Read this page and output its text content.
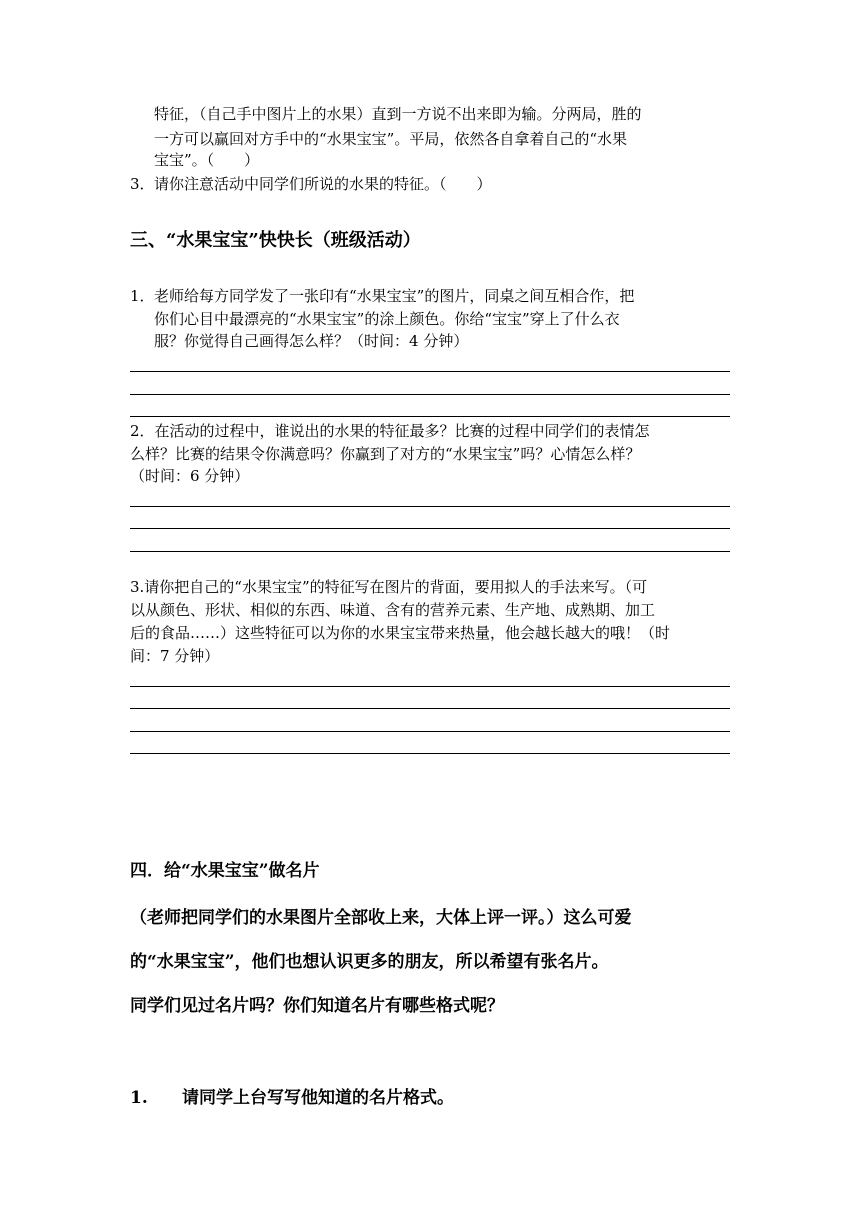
特征，（自己手中图片上的水果）直到一方说不出来即为输。分两局，胜的

一方可以赢回对方手中的“水果宝宝”。平局，依然各自拿着自己的“水果

宝宝”。（　　）

3． 请你注意活动中同学们所说的水果的特征。（　　）

三、“水果宝宝”快快长（班级活动）
1． 老师给每方同学发了一张印有“水果宝宝”的图片，同桌之间互相合作，把

你们心目中最漂亮的“水果宝宝”的涂上颜色。你给“宝宝”穿上了什么衣

服？你觉得自己画得怎么样？（时间：4 分钟）

2．在活动的过程中，谁说出的水果的特征最多？比赛的过程中同学们的表情怎

么样？比赛的结果令你满意吗？你赢到了对方的“水果宝宝”吗？心情怎么样？

（时间：6 分钟）

3.请你把自己的“水果宝宝”的特征写在图片的背面，要用拟人的手法来写。（可

以从颜色、形状、相似的东西、味道、含有的营养元素、生产地、成熟期、加工

后的食品……）这些特征可以为你的水果宝宝带来热量，他会越长越大的哦！（时

间：7 分钟）

四．给“水果宝宝”做名片

（老师把同学们的水果图片全部收上来，大体上评一评。）这么可爱

的“水果宝宝”，他们也想认识更多的朋友，所以希望有张名片。

同学们见过名片吗？你们知道名片有哪些格式呢？

1. 请同学上台写写他知道的名片格式。
